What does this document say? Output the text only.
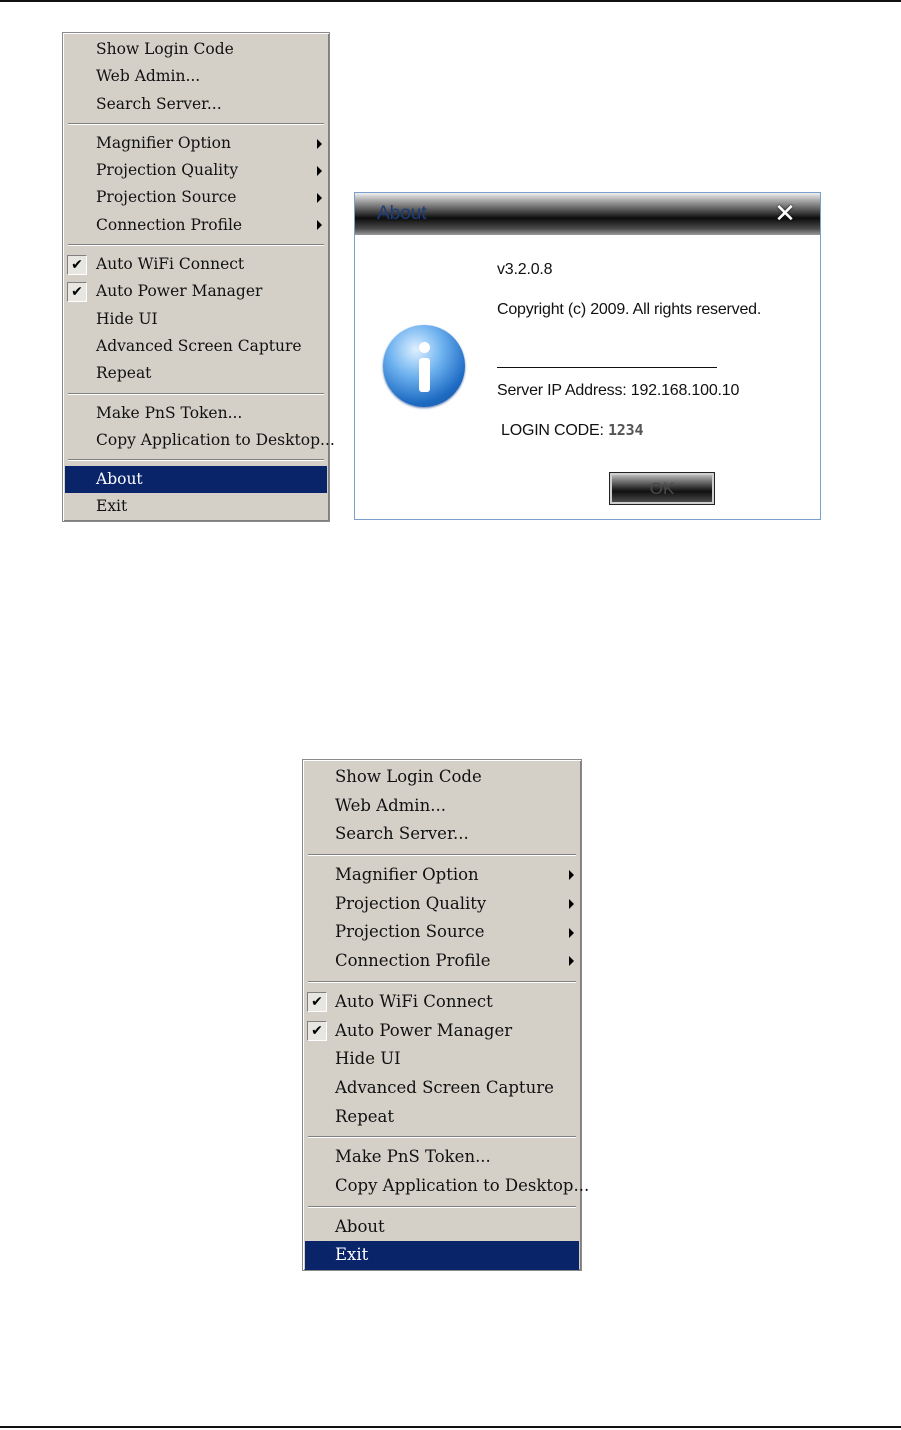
Show Login Code
Web Admin...
Search Server...
Magnifier Option
Projection Quality
Projection Source
Connection Profile
✔ Auto WiFi Connect
✔ Auto Power Manager
Hide UI
Advanced Screen Capture
Repeat
Make PnS Token...
Copy Application to Desktop...
About
Exit
About	✕
v3.2.0.8
Copyright (c) 2009. All rights reserved.
Server IP Address: 192.168.100.10
LOGIN CODE: 1234
OK
Show Login Code
Web Admin...
Search Server...
Magnifier Option
Projection Quality
Projection Source
Connection Profile
✔ Auto WiFi Connect
✔ Auto Power Manager
Hide UI
Advanced Screen Capture
Repeat
Make PnS Token...
Copy Application to Desktop...
About
Exit
